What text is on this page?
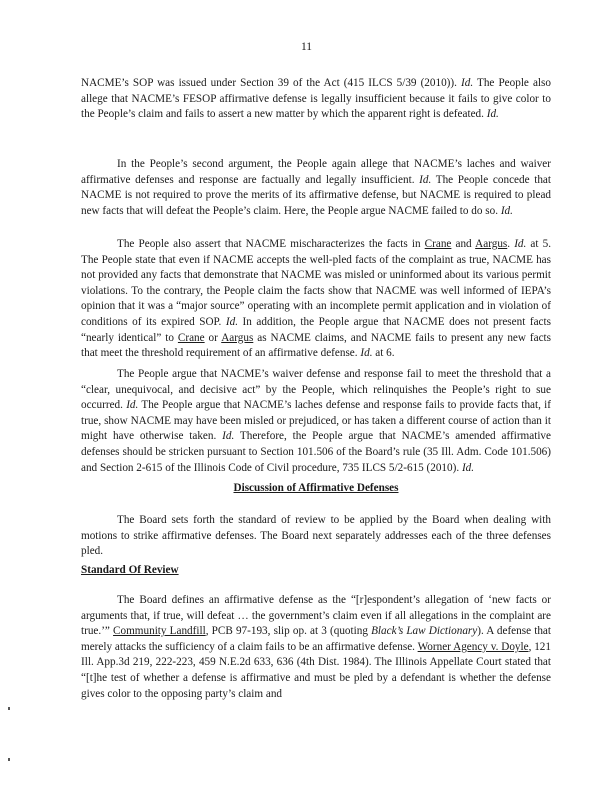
11

NACME’s SOP was issued under Section 39 of the Act (415 ILCS 5/39 (2010)). Id. The People also allege that NACME’s FESOP affirmative defense is legally insufficient because it fails to give color to the People’s claim and fails to assert a new matter by which the apparent right is defeated. Id.

In the People’s second argument, the People again allege that NACME’s laches and waiver affirmative defenses and response are factually and legally insufficient. Id. The People concede that NACME is not required to prove the merits of its affirmative defense, but NACME is required to plead new facts that will defeat the People’s claim. Here, the People argue NACME failed to do so. Id.

The People also assert that NACME mischaracterizes the facts in Crane and Aargus. Id. at 5. The People state that even if NACME accepts the well-pled facts of the complaint as true, NACME has not provided any facts that demonstrate that NACME was misled or uninformed about its various permit violations. To the contrary, the People claim the facts show that NACME was well informed of IEPA’s opinion that it was a “major source” operating with an incomplete permit application and in violation of conditions of its expired SOP. Id. In addition, the People argue that NACME does not present facts “nearly identical” to Crane or Aargus as NACME claims, and NACME fails to present any new facts that meet the threshold requirement of an affirmative defense. Id. at 6.

The People argue that NACME’s waiver defense and response fail to meet the threshold that a “clear, unequivocal, and decisive act” by the People, which relinquishes the People’s right to sue occurred. Id. The People argue that NACME’s laches defense and response fails to provide facts that, if true, show NACME may have been misled or prejudiced, or has taken a different course of action than it might have otherwise taken. Id. Therefore, the People argue that NACME’s amended affirmative defenses should be stricken pursuant to Section 101.506 of the Board’s rule (35 Ill. Adm. Code 101.506) and Section 2-615 of the Illinois Code of Civil procedure, 735 ILCS 5/2-615 (2010). Id.

Discussion of Affirmative Defenses

The Board sets forth the standard of review to be applied by the Board when dealing with motions to strike affirmative defenses. The Board next separately addresses each of the three defenses pled.

Standard Of Review

The Board defines an affirmative defense as the “[r]espondent’s allegation of ‘new facts or arguments that, if true, will defeat … the government’s claim even if all allegations in the complaint are true.’” Community Landfill, PCB 97-193, slip op. at 3 (quoting Black’s Law Dictionary). A defense that merely attacks the sufficiency of a claim fails to be an affirmative defense. Worner Agency v. Doyle, 121 Ill. App.3d 219, 222-223, 459 N.E.2d 633, 636 (4th Dist. 1984). The Illinois Appellate Court stated that “[t]he test of whether a defense is affirmative and must be pled by a defendant is whether the defense gives color to the opposing party’s claim and
